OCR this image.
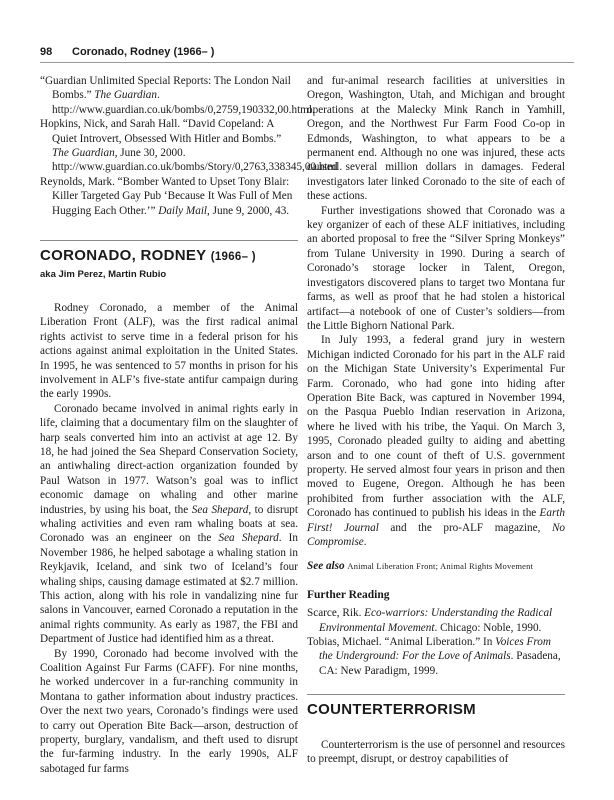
98 Coronado, Rodney (1966– )

“Guardian Unlimited Special Reports: The London Nail Bombs.” The Guardian. http://www.guardian.co.uk/bombs/0,2759,190332,00.html.

Hopkins, Nick, and Sarah Hall. “David Copeland: A Quiet Introvert, Obsessed With Hitler and Bombs.” The Guardian, June 30, 2000. http://www.guardian.co.uk/bombs/Story/0,2763,338345,00.html.

Reynolds, Mark. “Bomber Wanted to Upset Tony Blair: Killer Targeted Gay Pub ‘Because It Was Full of Men Hugging Each Other.’” Daily Mail, June 9, 2000, 43.

CORONADO, RODNEY (1966– )
aka Jim Perez, Martin Rubio

Rodney Coronado, a member of the Animal Liberation Front (ALF), was the first radical animal rights activist to serve time in a federal prison for his actions against animal exploitation in the United States. In 1995, he was sentenced to 57 months in prison for his involvement in ALF’s five-state antifur campaign during the early 1990s.

Coronado became involved in animal rights early in life, claiming that a documentary film on the slaughter of harp seals converted him into an activist at age 12. By 18, he had joined the Sea Shepard Conservation Society, an antiwhaling direct-action organization founded by Paul Watson in 1977. Watson’s goal was to inflict economic damage on whaling and other marine industries, by using his boat, the Sea Shepard, to disrupt whaling activities and even ram whaling boats at sea. Coronado was an engineer on the Sea Shepard. In November 1986, he helped sabotage a whaling station in Reykjavik, Iceland, and sink two of Iceland’s four whaling ships, causing damage estimated at $2.7 million. This action, along with his role in vandalizing nine fur salons in Vancouver, earned Coronado a reputation in the animal rights community. As early as 1987, the FBI and Department of Justice had identified him as a threat.

By 1990, Coronado had become involved with the Coalition Against Fur Farms (CAFF). For nine months, he worked undercover in a fur-ranching community in Montana to gather information about industry practices. Over the next two years, Coronado’s findings were used to carry out Operation Bite Back—arson, destruction of property, burglary, vandalism, and theft used to disrupt the fur-farming industry. In the early 1990s, ALF sabotaged fur farms

and fur-animal research facilities at universities in Oregon, Washington, Utah, and Michigan and brought operations at the Malecky Mink Ranch in Yamhill, Oregon, and the Northwest Fur Farm Food Co-op in Edmonds, Washington, to what appears to be a permanent end. Although no one was injured, these acts caused several million dollars in damages. Federal investigators later linked Coronado to the site of each of these actions.

Further investigations showed that Coronado was a key organizer of each of these ALF initiatives, including an aborted proposal to free the “Silver Spring Monkeys” from Tulane University in 1990. During a search of Coronado’s storage locker in Talent, Oregon, investigators discovered plans to target two Montana fur farms, as well as proof that he had stolen a historical artifact—a notebook of one of Custer’s soldiers—from the Little Bighorn National Park.

In July 1993, a federal grand jury in western Michigan indicted Coronado for his part in the ALF raid on the Michigan State University’s Experimental Fur Farm. Coronado, who had gone into hiding after Operation Bite Back, was captured in November 1994, on the Pasqua Pueblo Indian reservation in Arizona, where he lived with his tribe, the Yaqui. On March 3, 1995, Coronado pleaded guilty to aiding and abetting arson and to one count of theft of U.S. government property. He served almost four years in prison and then moved to Eugene, Oregon. Although he has been prohibited from further association with the ALF, Coronado has continued to publish his ideas in the Earth First! Journal and the pro-ALF magazine, No Compromise.

See also Animal Liberation Front; Animal Rights Movement

Further Reading

Scarce, Rik. Eco-warriors: Understanding the Radical Environmental Movement. Chicago: Noble, 1990.

Tobias, Michael. “Animal Liberation.” In Voices From the Underground: For the Love of Animals. Pasadena, CA: New Paradigm, 1999.

COUNTERTERRORISM

Counterterrorism is the use of personnel and resources to preempt, disrupt, or destroy capabilities of
